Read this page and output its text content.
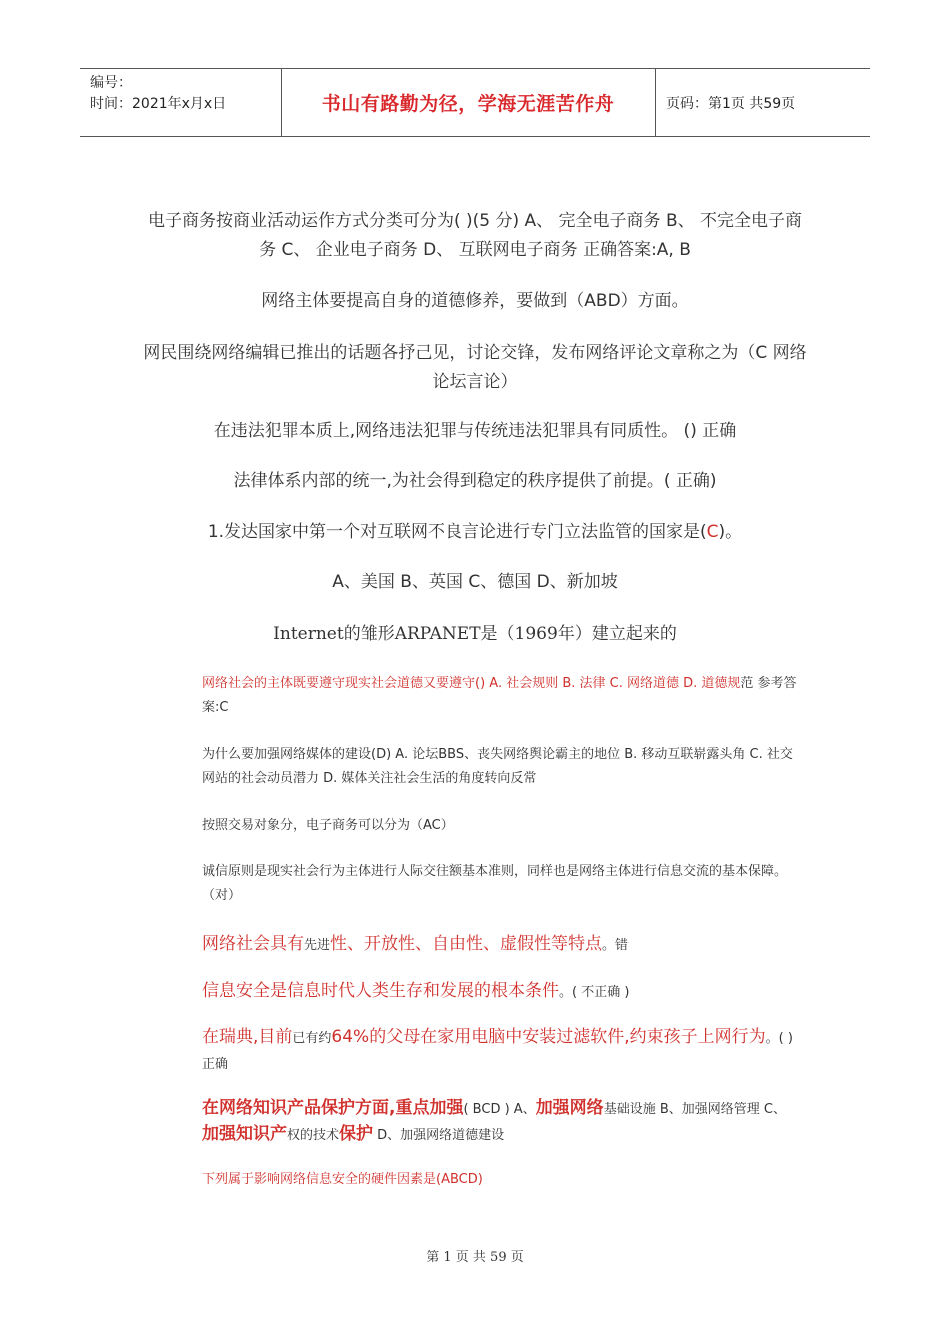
编号：
时间：2021年x月x日	书山有路勤为径，学海无涯苦作舟	页码：第1页 共59页

电子商务按商业活动运作方式分类可分为( )(5 分) A、 完全电子商务 B、 不完全电子商务 C、 企业电子商务 D、 互联网电子商务 正确答案:A, B

网络主体要提高自身的道德修养，要做到（ABD）方面。

网民围绕网络编辑已推出的话题各抒己见，讨论交锋，发布网络评论文章称之为（C 网络论坛言论）

在违法犯罪本质上,网络违法犯罪与传统违法犯罪具有同质性。 () 正确

法律体系内部的统一,为社会得到稳定的秩序提供了前提。( 正确)

1.发达国家中第一个对互联网不良言论进行专门立法监管的国家是(C)。

A、美国 B、英国 C、德国 D、新加坡

Internet的雏形ARPANET是（1969年）建立起来的

网络社会的主体既要遵守现实社会道德又要遵守() A. 社会规则 B. 法律 C. 网络道德 D. 道德规范 参考答案:C

为什么要加强网络媒体的建设(D) A. 论坛BBS、丧失网络舆论霸主的地位 B. 移动互联崭露头角 C. 社交网站的社会动员潜力 D. 媒体关注社会生活的角度转向反常

按照交易对象分，电子商务可以分为（AC）

诚信原则是现实社会行为主体进行人际交往额基本准则，同样也是网络主体进行信息交流的基本保障。（对）

网络社会具有先进性、开放性、自由性、虚假性等特点。错

信息安全是信息时代人类生存和发展的根本条件。( 不正确 )

在瑞典,目前已有约64%的父母在家用电脑中安装过滤软件,约束孩子上网行为。( ) 正确

在网络知识产品保护方面,重点加强( BCD ) A、加强网络基础设施 B、加强网络管理 C、加强知识产权的技术保护 D、加强网络道德建设

下列属于影响网络信息安全的硬件因素是(ABCD)

第 1 页 共 59 页
